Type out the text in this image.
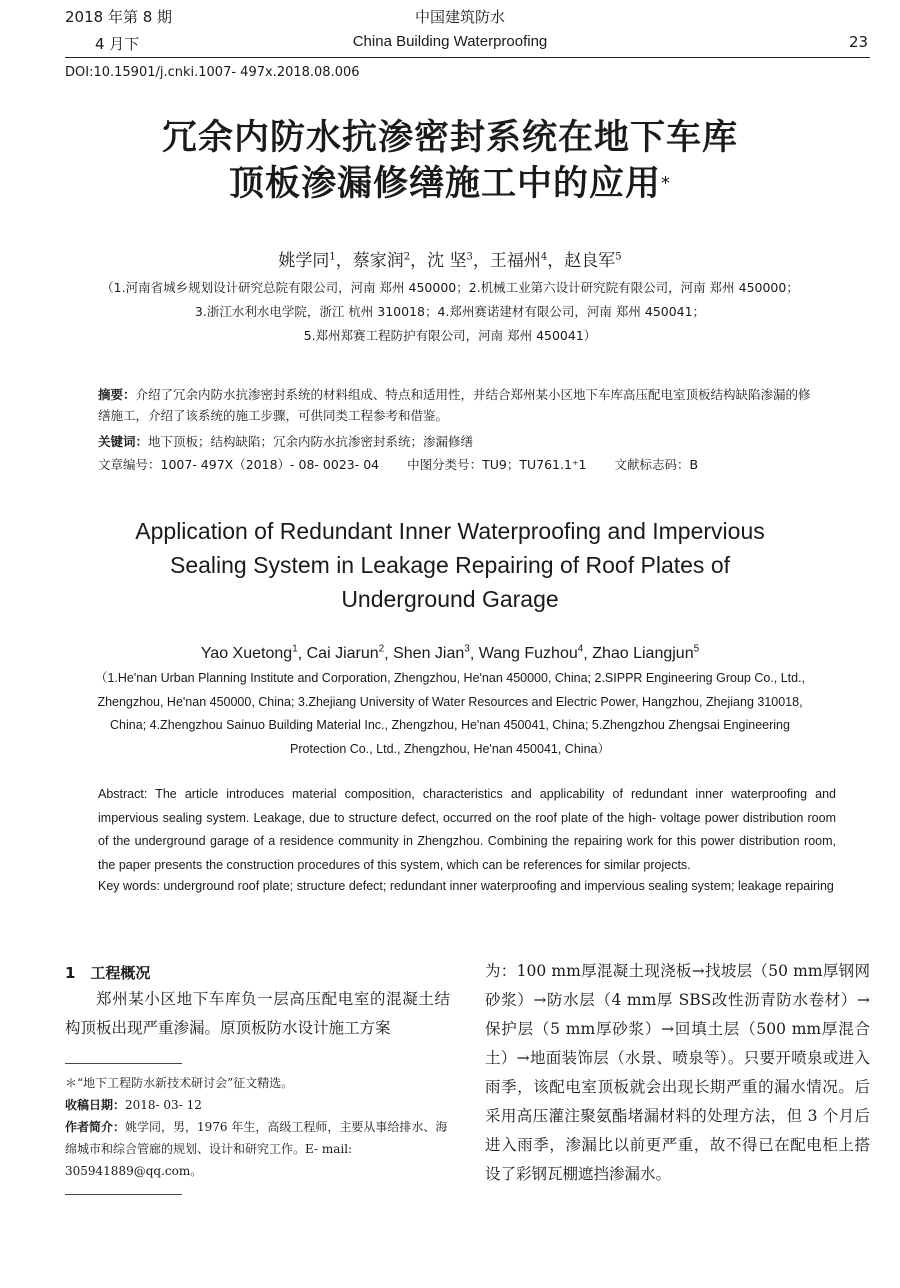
2018 年第 8 期	中国建筑防水
4 月下	China Building Waterproofing	23
DOI:10.15901/j.cnki.1007- 497x.2018.08.006
冗余内防水抗渗密封系统在地下车库
顶板渗漏修缮施工中的应用*
姚学同$^1$，蔡家润$^2$，沈 坚$^3$，王福州$^4$，赵良军$^5$
（1.河南省城乡规划设计研究总院有限公司，河南 郑州 450000；2.机械工业第六设计研究院有限公司，河南 郑州 450000；
3.浙江水利水电学院，浙江 杭州 310018；4.郑州赛诺建材有限公司，河南 郑州 450041；
5.郑州郑赛工程防护有限公司，河南 郑州 450041）
摘要：介绍了冗余内防水抗渗密封系统的材料组成、特点和适用性，并结合郑州某小区地下车库高压配电室顶板结构缺陷渗漏的修缮施工，介绍了该系统的施工步骤，可供同类工程参考和借鉴。
关键词：地下顶板；结构缺陷；冗余内防水抗渗密封系统；渗漏修缮
文章编号：1007- 497X（2018）- 08- 0023- 04 中图分类号：TU9；TU761.1⁺1 文献标志码：B
Application of Redundant Inner Waterproofing and Impervious
Sealing System in Leakage Repairing of Roof Plates of
Underground Garage
Yao Xuetong$^1$, Cai Jiarun$^2$, Shen Jian$^3$, Wang Fuzhou$^4$, Zhao Liangjun$^5$
（1.He'nan Urban Planning Institute and Corporation, Zhengzhou, He'nan 450000, China; 2.SIPPR Engineering Group Co., Ltd., Zhengzhou, He'nan 450000, China; 3.Zhejiang University of Water Resources and Electric Power, Hangzhou, Zhejiang 310018, China; 4.Zhengzhou Sainuo Building Material Inc., Zhengzhou, He'nan 450041, China; 5.Zhengzhou Zhengsai Engineering Protection Co., Ltd., Zhengzhou, He'nan 450041, China）
Abstract: The article introduces material composition, characteristics and applicability of redundant inner waterproofing and impervious sealing system. Leakage, due to structure defect, occurred on the roof plate of the high- voltage power distribution room of the underground garage of a residence community in Zhengzhou. Combining the repairing work for this power distribution room, the paper presents the construction procedures of this system, which can be references for similar projects.
Key words: underground roof plate; structure defect; redundant inner waterproofing and impervious sealing system; leakage repairing
1　工程概况
郑州某小区地下车库负一层高压配电室的混凝土结构顶板出现严重渗漏。原顶板防水设计施工方案
＊“地下工程防水新技术研讨会”征文精选。
收稿日期：2018- 03- 12
作者简介：姚学同，男，1976 年生，高级工程师，主要从事给排水、海绵城市和综合管廊的规划、设计和研究工作。E- mail: 305941889@qq.com。
为：100 mm厚混凝土现浇板→找坡层（50 mm厚钢网砂浆）→防水层（4 mm厚 SBS改性沥青防水卷材）→保护层（5 mm厚砂浆）→回填土层（500 mm厚混合土）→地面装饰层（水景、喷泉等）。只要开喷泉或进入雨季，该配电室顶板就会出现长期严重的漏水情况。后采用高压灌注聚氨酯堵漏材料的处理方法，但 3 个月后进入雨季，渗漏比以前更严重，故不得已在配电柜上搭设了彩钢瓦棚遮挡渗漏水。
